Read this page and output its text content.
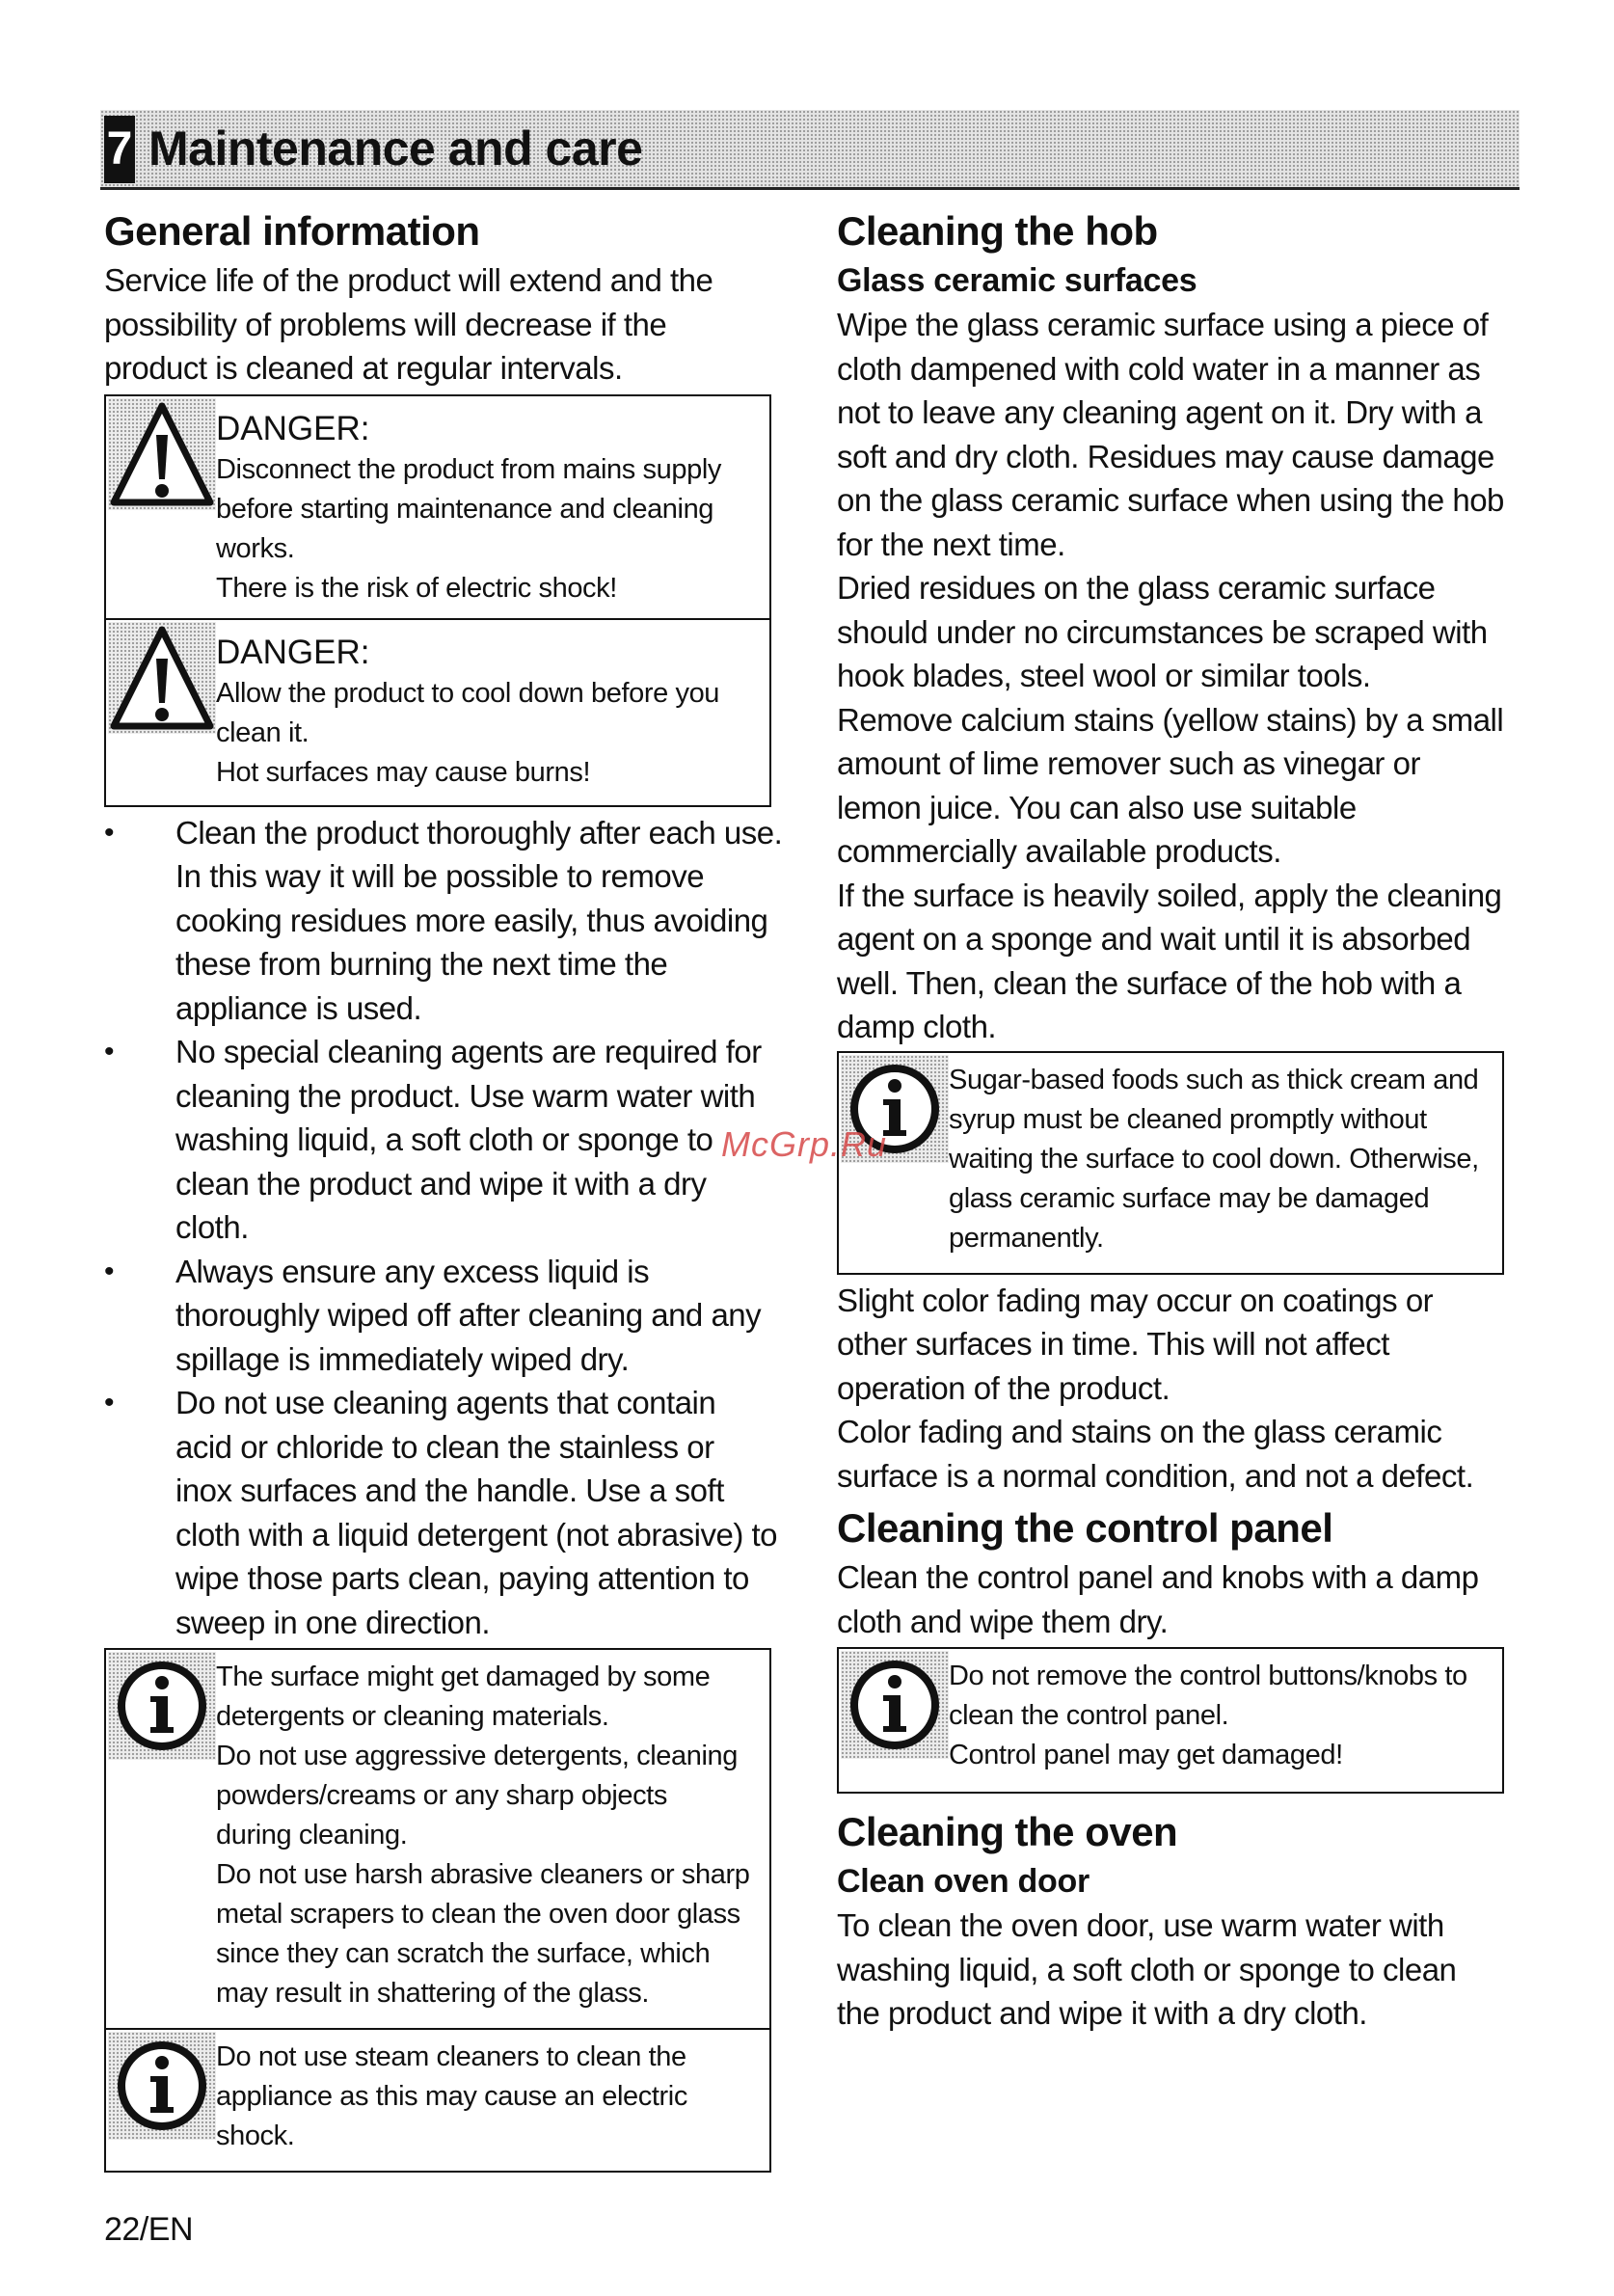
7 Maintenance and care
General information

Service life of the product will extend and the

possibility of problems will decrease if the

product is cleaned at regular intervals.

DANGER:
Disconnect the product from mains supply
before starting maintenance and cleaning
works.
There is the risk of electric shock!
DANGER:
Allow the product to cool down before you
clean it.
Hot surfaces may cause burns!
•	Clean the product thoroughly after each use.
In this way it will be possible to remove
cooking residues more easily, thus avoiding
these from burning the next time the
appliance is used.
•	No special cleaning agents are required for
cleaning the product. Use warm water with
washing liquid, a soft cloth or sponge to
clean the product and wipe it with a dry
cloth.
•	Always ensure any excess liquid is
thoroughly wiped off after cleaning and any
spillage is immediately wiped dry.
•	Do not use cleaning agents that contain
acid or chloride to clean the stainless or
inox surfaces and the handle. Use a soft
cloth with a liquid detergent (not abrasive) to
wipe those parts clean, paying attention to
sweep in one direction.
The surface might get damaged by some
detergents or cleaning materials.
Do not use aggressive detergents, cleaning
powders/creams or any sharp objects
during cleaning.
Do not use harsh abrasive cleaners or sharp
metal scrapers to clean the oven door glass
since they can scratch the surface, which
may result in shattering of the glass.
Do not use steam cleaners to clean the
appliance as this may cause an electric
shock.
Cleaning the hob
Glass ceramic surfaces

Wipe the glass ceramic surface using a piece of

cloth dampened with cold water in a manner as

not to leave any cleaning agent on it. Dry with a

soft and dry cloth. Residues may cause damage

on the glass ceramic surface when using the hob

for the next time.

Dried residues on the glass ceramic surface

should under no circumstances be scraped with

hook blades, steel wool or similar tools.

Remove calcium stains (yellow stains) by a small

amount of lime remover such as vinegar or

lemon juice. You can also use suitable

commercially available products.

If the surface is heavily soiled, apply the cleaning

agent on a sponge and wait until it is absorbed

well. Then, clean the surface of the hob with a

damp cloth.

Sugar-based foods such as thick cream and
syrup must be cleaned promptly without
waiting the surface to cool down. Otherwise,
glass ceramic surface may be damaged
permanently.

Slight color fading may occur on coatings or

other surfaces in time. This will not affect

operation of the product.

Color fading and stains on the glass ceramic

surface is a normal condition, and not a defect.

Cleaning the control panel

Clean the control panel and knobs with a damp

cloth and wipe them dry.

Do not remove the control buttons/knobs to
clean the control panel.
Control panel may get damaged!
Cleaning the oven
Clean oven door

To clean the oven door, use warm water with

washing liquid, a soft cloth or sponge to clean

the product and wipe it with a dry cloth.

McGrp.Ru
22/EN
